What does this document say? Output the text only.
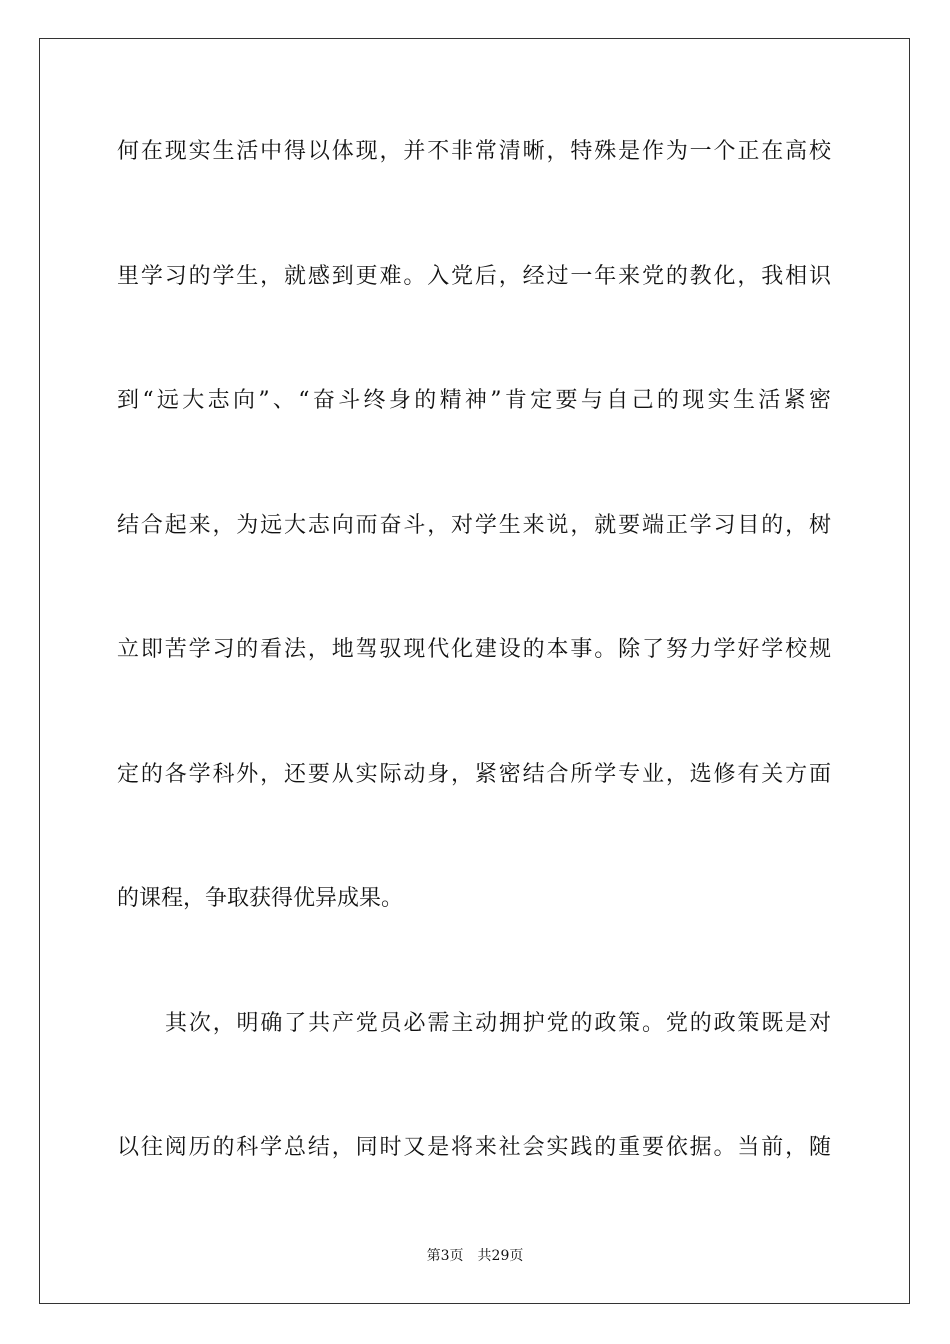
何在现实生活中得以体现，并不非常清晰，特殊是作为一个正在高校
里学习的学生，就感到更难。入党后，经过一年来党的教化，我相识
到“远大志向”、“奋斗终身的精神”肯定要与自己的现实生活紧密
结合起来，为远大志向而奋斗，对学生来说，就要端正学习目的，树
立即苦学习的看法，地驾驭现代化建设的本事。除了努力学好学校规
定的各学科外，还要从实际动身，紧密结合所学专业，选修有关方面
的课程，争取获得优异成果。
其次，明确了共产党员必需主动拥护党的政策。党的政策既是对
以往阅历的科学总结，同时又是将来社会实践的重要依据。当前，随
第3页 共29页
